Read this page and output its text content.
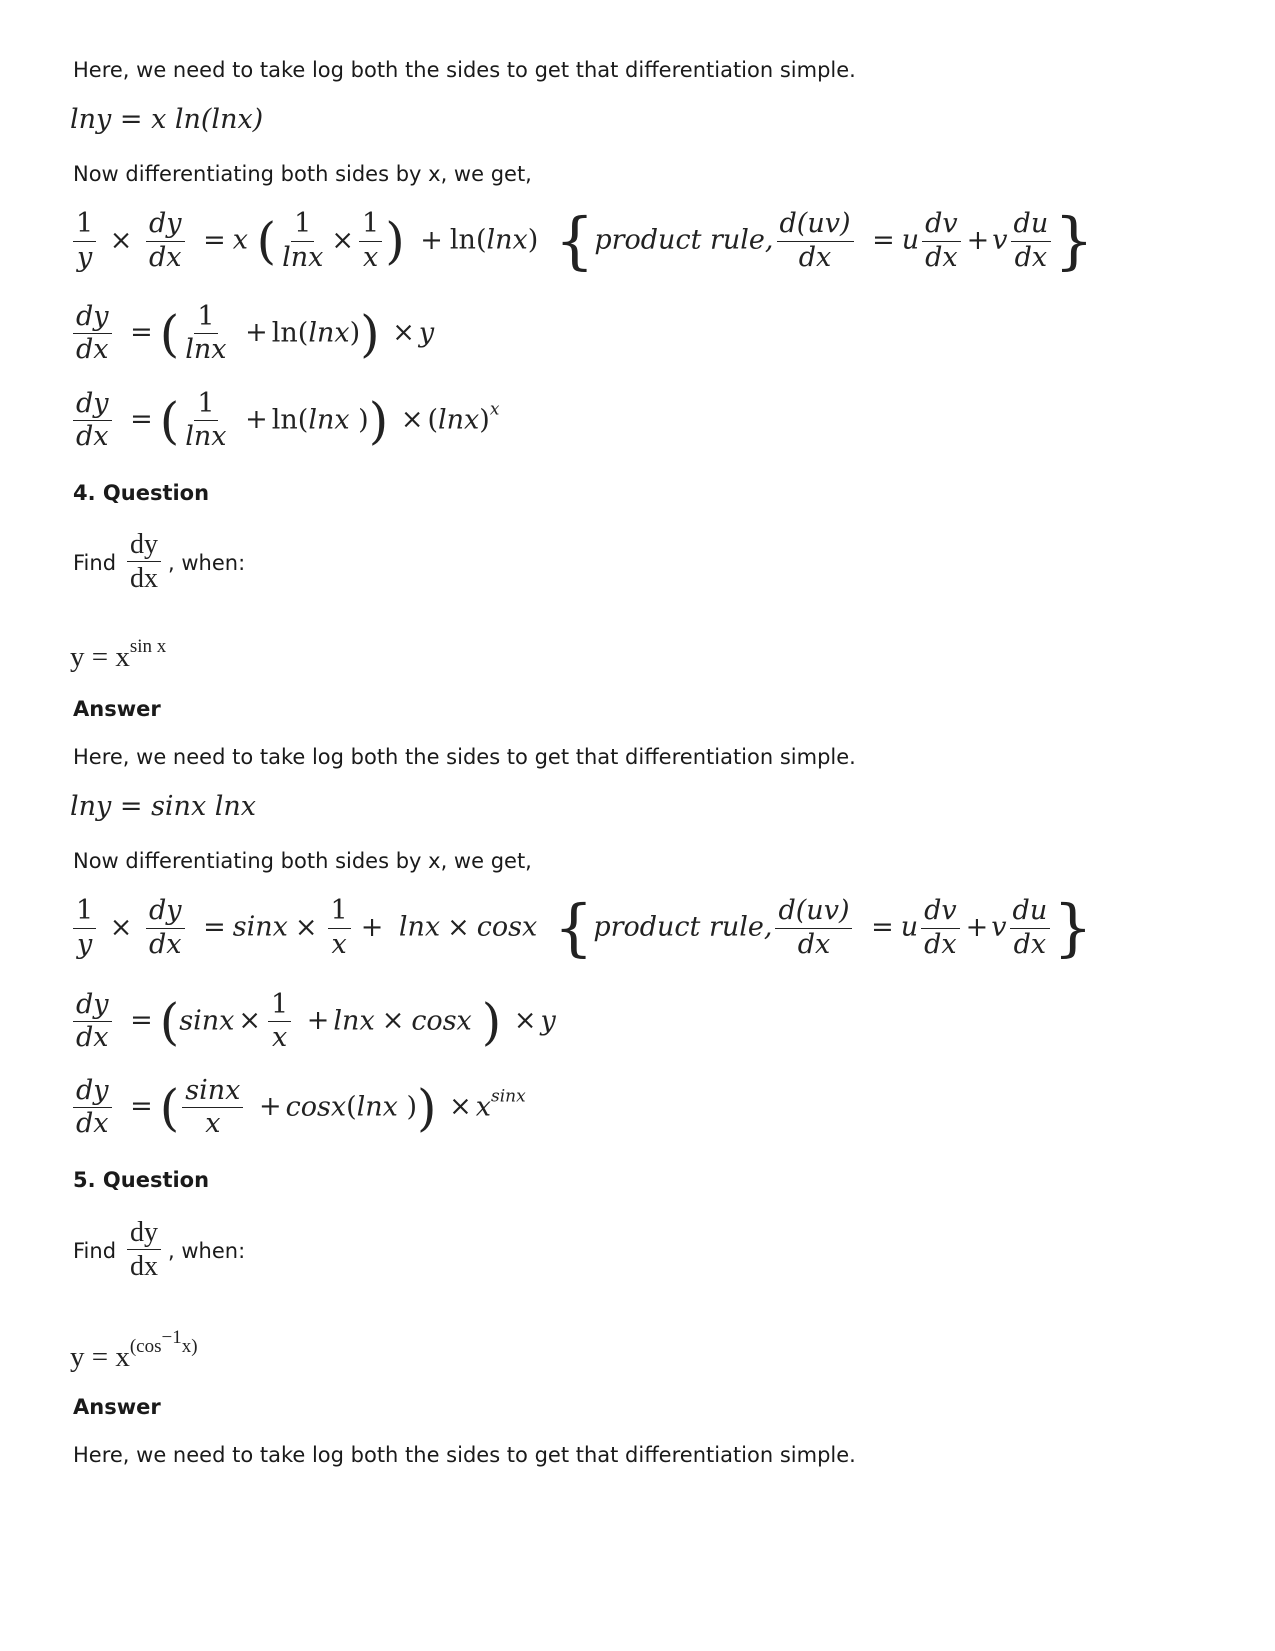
Here, we need to take log both the sides to get that differentiation simple.
lny = x ln(lnx)
Now differentiating both sides by x, we get,
$\frac{1}{y} \times \frac{dy}{dx} = x$ ( $\frac{1}{\ln x} \times \frac{1}{x}$ ) + ln(lnx) {product rule, $\frac{d(uv)}{dx} = u \frac{dv}{dx} + v \frac{du}{dx}$ }
$\frac{dy}{dx}$ = ( $\frac{1}{\ln x} + \ln(\ln x)) \times y$
$\frac{dy}{dx}$ = ( $\frac{1}{\ln x} + \ln(\ln x$ )) × $(\ln x)^x$
4. Question
Find $\frac{dy}{dx}$ , when:
$y = x^{sin x}$
Answer
Here, we need to take log both the sides to get that differentiation simple.
lny = sinx lnx
Now differentiating both sides by x, we get,
$\frac{1}{y} \times \frac{dy}{dx} = \sin x \times \frac{1}{x} + \ln x \times \cos x$ {product rule, $\frac{d(uv)}{dx} = u \frac{dv}{dx} + v \frac{du}{dx}$ }
$\frac{dy}{dx} = (\sin x \times \frac{1}{x} + \ln x \times \cos x$ ) × y
$\frac{dy}{dx}$ = ( $\frac{\sin x}{x} + \cos x(\ln x$ )) × $x^{sinx}$
5. Question
Find $\frac{dy}{dx}$ , when:
$y = x^{(cos-1x)}$
Answer
Here, we need to take log both the sides to get that differentiation simple.
